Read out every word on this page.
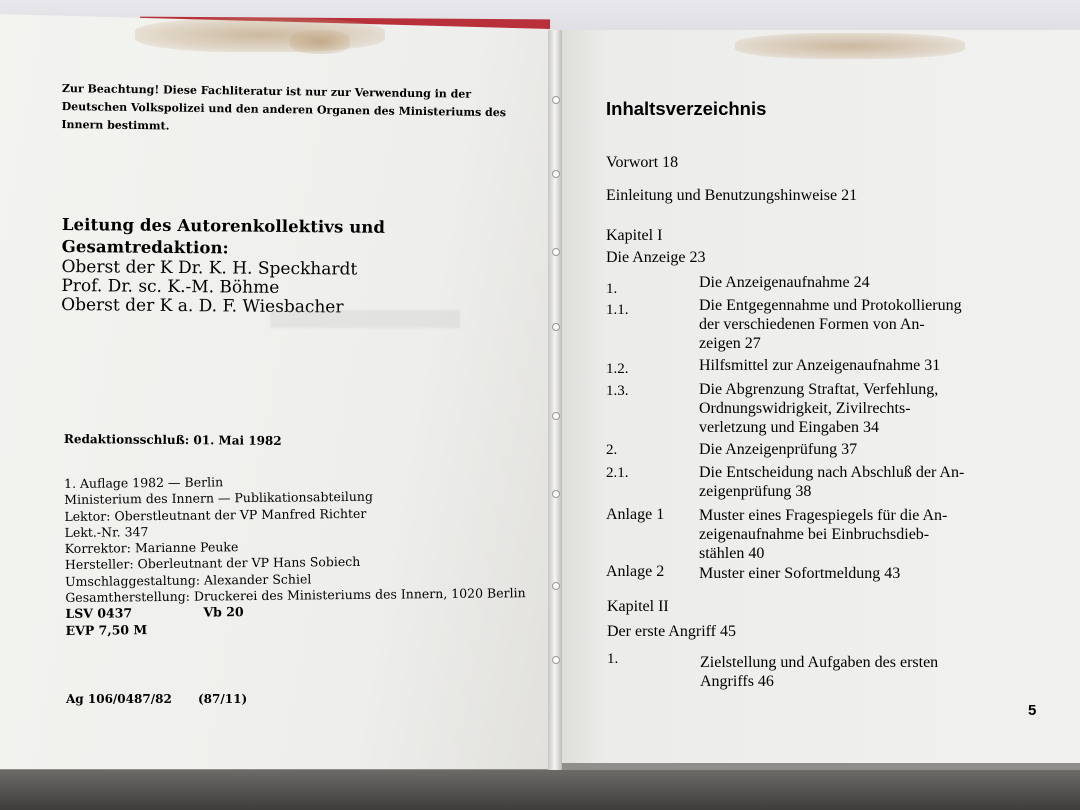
Zur Beachtung! Diese Fachliteratur ist nur zur Verwendung in der Deutschen Volkspolizei und den anderen Organen des Ministeriums des Innern bestimmt.
Leitung des Autorenkollektivs und Gesamtredaktion:
Oberst der K Dr. K. H. Speckhardt
Prof. Dr. sc. K.-M. Böhme
Oberst der K a. D. F. Wiesbacher
Redaktionsschluß: 01. Mai 1982
1. Auflage 1982 — Berlin
Ministerium des Innern — Publikationsabteilung
Lektor: Oberstleutnant der VP Manfred Richter
Lekt.-Nr. 347
Korrektor: Marianne Peuke
Hersteller: Oberleutnant der VP Hans Sobiech
Umschlaggestaltung: Alexander Schiel
Gesamtherstellung: Druckerei des Ministeriums des Innern, 1020 Berlin
LSV 0437	Vb 20
EVP 7,50 M
Ag 106/0487/82 (87/11)
Inhaltsverzeichnis
Vorwort 18
Einleitung und Benutzungshinweise 21
Kapitel I
Die Anzeige 23
1.	Die Anzeigenaufnahme 24
1.1.	Die Entgegennahme und Protokollierung
der verschiedenen Formen von An-
zeigen 27
1.2.	Hilfsmittel zur Anzeigenaufnahme 31
1.3.	Die Abgrenzung Straftat, Verfehlung,
Ordnungswidrigkeit, Zivilrechts-
verletzung und Eingaben 34
2.	Die Anzeigenprüfung 37
2.1.	Die Entscheidung nach Abschluß der An-
zeigenprüfung 38
Anlage 1 Muster eines Fragespiegels für die An-
zeigenaufnahme bei Einbruchsdieb-
stählen 40
Anlage 2 Muster einer Sofortmeldung 43
Kapitel II
Der erste Angriff 45
1.	Zielstellung und Aufgaben des ersten
Angriffs 46
5
